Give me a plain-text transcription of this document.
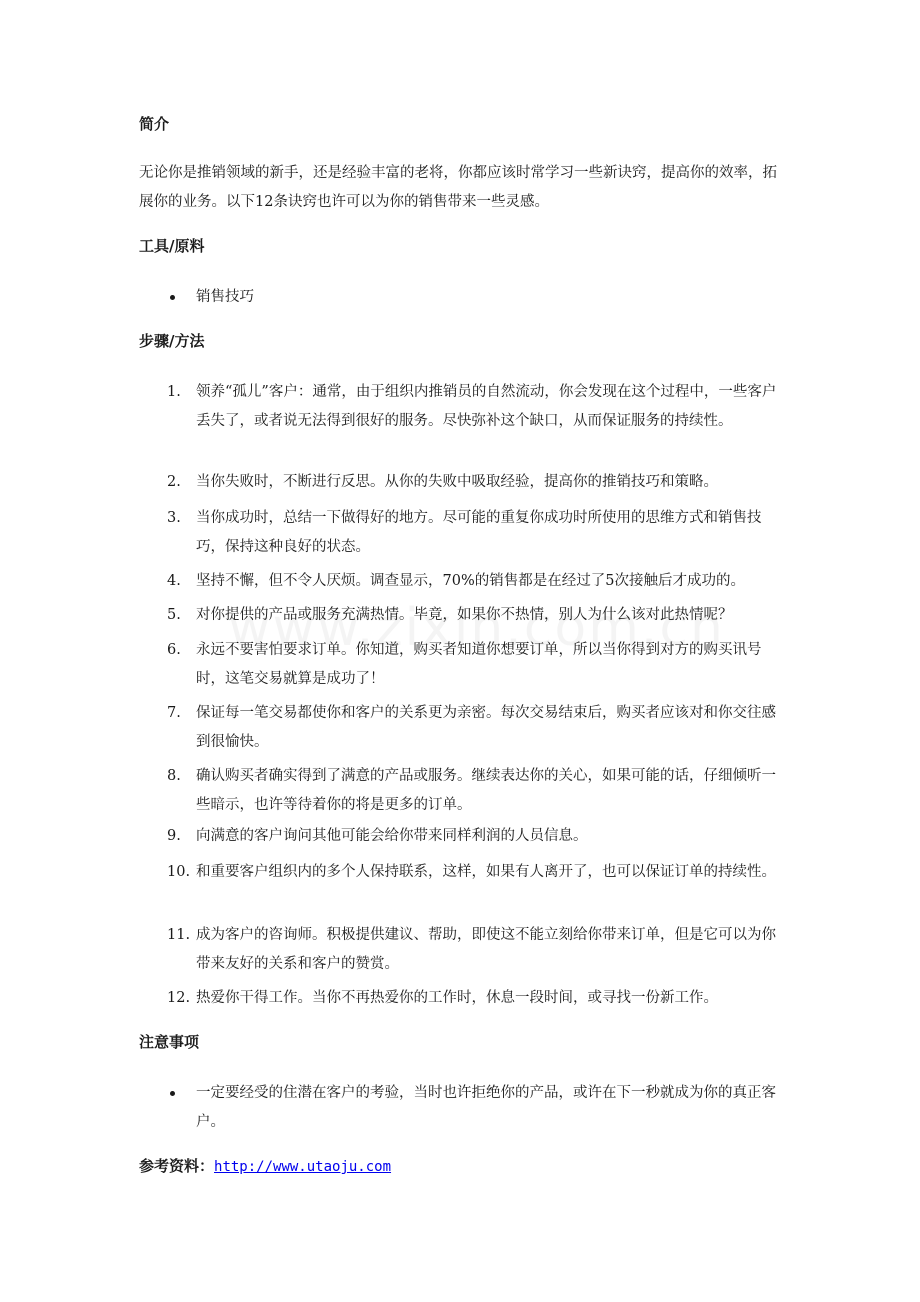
简介

无论你是推销领域的新手，还是经验丰富的老将，你都应该时常学习一些新诀窍，提高你的效率，拓展你的业务。以下12条诀窍也许可以为你的销售带来一些灵感。

工具/原料
销售技巧
步骤/方法
1.	领养“孤儿”客户：通常，由于组织内推销员的自然流动，你会发现在这个过程中，一些客户丢失了，或者说无法得到很好的服务。尽快弥补这个缺口，从而保证服务的持续性。
2.	当你失败时，不断进行反思。从你的失败中吸取经验，提高你的推销技巧和策略。
3.	当你成功时，总结一下做得好的地方。尽可能的重复你成功时所使用的思维方式和销售技巧，保持这种良好的状态。
4.	坚持不懈，但不令人厌烦。调查显示，70%的销售都是在经过了5次接触后才成功的。
5.	对你提供的产品或服务充满热情。毕竟，如果你不热情，别人为什么该对此热情呢？
6.	永远不要害怕要求订单。你知道，购买者知道你想要订单，所以当你得到对方的购买讯号时，这笔交易就算是成功了！
7.	保证每一笔交易都使你和客户的关系更为亲密。每次交易结束后，购买者应该对和你交往感到很愉快。
8.	确认购买者确实得到了满意的产品或服务。继续表达你的关心，如果可能的话，仔细倾听一些暗示，也许等待着你的将是更多的订单。
9.	向满意的客户询问其他可能会给你带来同样利润的人员信息。
10. 和重要客户组织内的多个人保持联系，这样，如果有人离开了，也可以保证订单的持续性。
11. 成为客户的咨询师。积极提供建议、帮助，即使这不能立刻给你带来订单，但是它可以为你带来友好的关系和客户的赞赏。
12. 热爱你干得工作。当你不再热爱你的工作时，休息一段时间，或寻找一份新工作。
注意事项
一定要经受的住潜在客户的考验，当时也许拒绝你的产品，或许在下一秒就成为你的真正客户。
参考资料：http://www.utaoju.com
